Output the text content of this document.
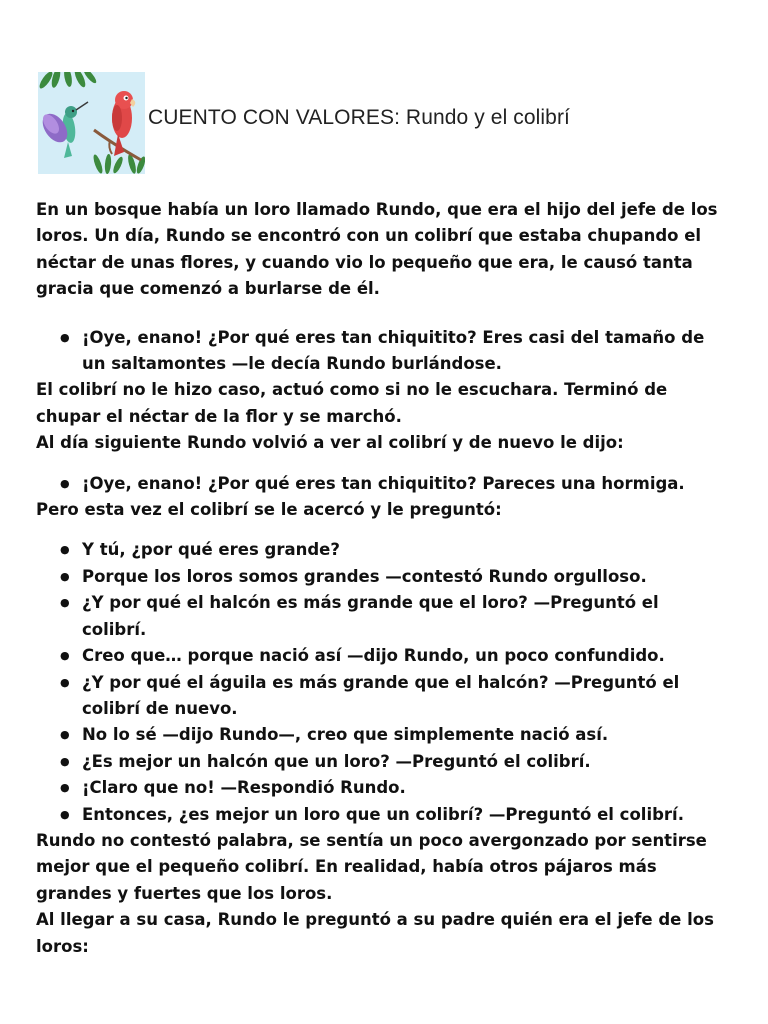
CUENTO CON VALORES: Rundo y el colibrí

En un bosque había un loro llamado Rundo, que era el hijo del jefe de los loros. Un día, Rundo se encontró con un colibrí que estaba chupando el néctar de unas flores, y cuando vio lo pequeño que era, le causó tanta gracia que comenzó a burlarse de él.

● ¡Oye, enano! ¿Por qué eres tan chiquitito? Eres casi del tamaño de un saltamontes —le decía Rundo burlándose.

El colibrí no le hizo caso, actuó como si no le escuchara. Terminó de chupar el néctar de la flor y se marchó.

Al día siguiente Rundo volvió a ver al colibrí y de nuevo le dijo:

● ¡Oye, enano! ¿Por qué eres tan chiquitito? Pareces una hormiga.

Pero esta vez el colibrí se le acercó y le preguntó:

● Y tú, ¿por qué eres grande?
● Porque los loros somos grandes —contestó Rundo orgulloso.
● ¿Y por qué el halcón es más grande que el loro? —Preguntó el colibrí.
● Creo que… porque nació así —dijo Rundo, un poco confundido.
● ¿Y por qué el águila es más grande que el halcón? —Preguntó el colibrí de nuevo.
● No lo sé —dijo Rundo—, creo que simplemente nació así.
● ¿Es mejor un halcón que un loro? —Preguntó el colibrí.
● ¡Claro que no! —Respondió Rundo.
● Entonces, ¿es mejor un loro que un colibrí? —Preguntó el colibrí.

Rundo no contestó palabra, se sentía un poco avergonzado por sentirse mejor que el pequeño colibrí. En realidad, había otros pájaros más grandes y fuertes que los loros.

Al llegar a su casa, Rundo le preguntó a su padre quién era el jefe de los loros:
